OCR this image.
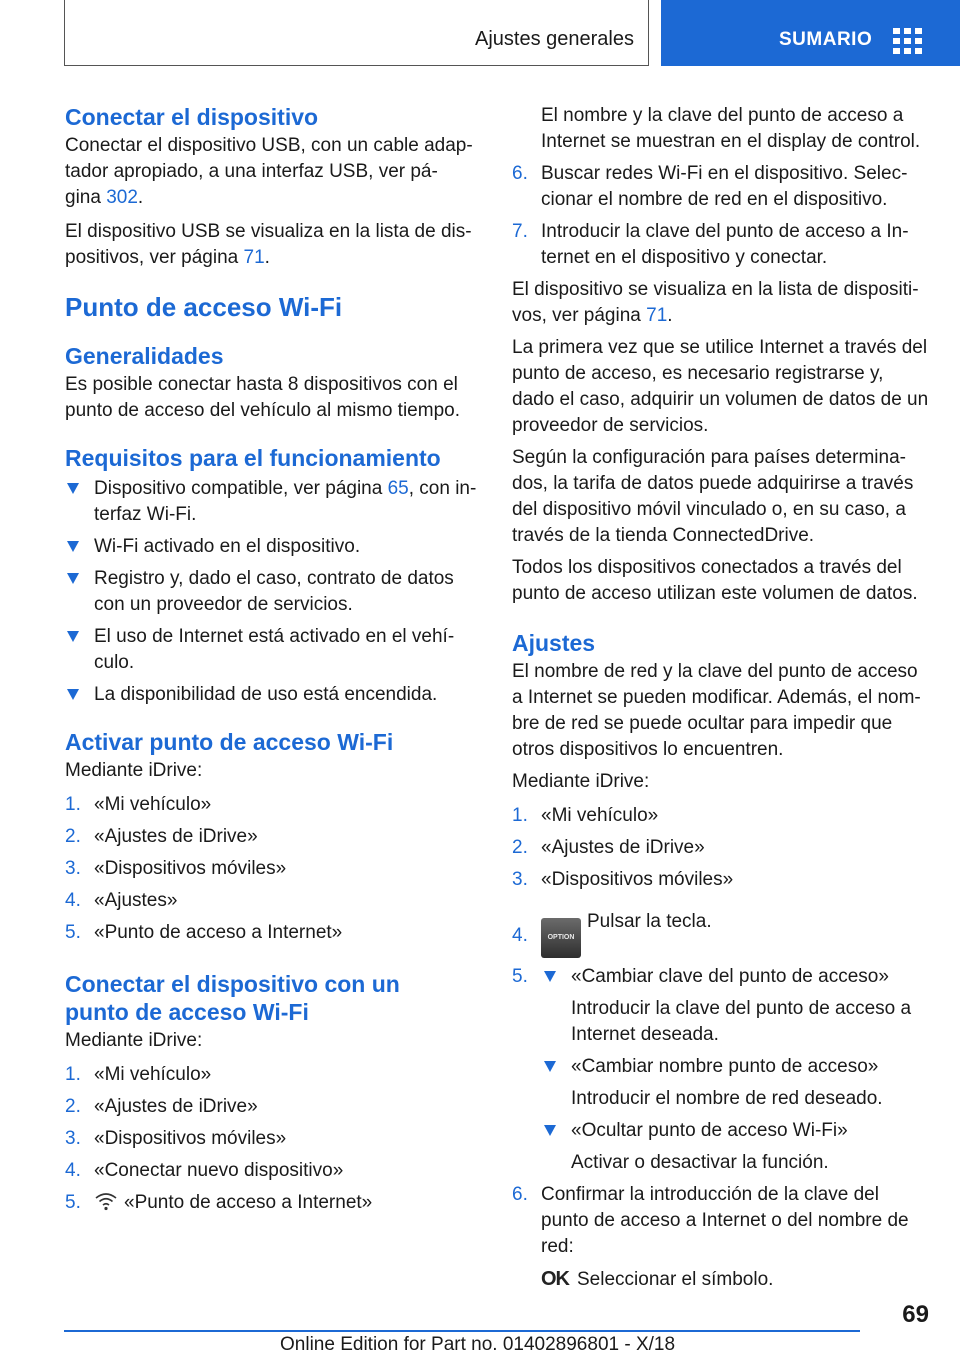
Ajustes generales	SUMARIO
Conectar el dispositivo

Conectar el dispositivo USB, con un cable adap-
tador apropiado, a una interfaz USB, ver pá-
gina 302.

El dispositivo USB se visualiza en la lista de dis-
positivos, ver página 71.

Punto de acceso Wi-Fi
Generalidades

Es posible conectar hasta 8 dispositivos con el
punto de acceso del vehículo al mismo tiempo.

Requisitos para el funcionamiento
Dispositivo compatible, ver página 65, con in-
terfaz Wi-Fi.
Wi-Fi activado en el dispositivo.
Registro y, dado el caso, contrato de datos
con un proveedor de servicios.
El uso de Internet está activado en el vehí-
culo.
La disponibilidad de uso está encendida.
Activar punto de acceso Wi-Fi

Mediante iDrive:

1. «Mi vehículo»
2. «Ajustes de iDrive»
3. «Dispositivos móviles»
4. «Ajustes»
5. «Punto de acceso a Internet»
Conectar el dispositivo con un
punto de acceso Wi-Fi

Mediante iDrive:

1. «Mi vehículo»
2. «Ajustes de iDrive»
3. «Dispositivos móviles»
4. «Conectar nuevo dispositivo»
5. «Punto de acceso a Internet»

El nombre y la clave del punto de acceso a
Internet se muestran en el display de control.

6. Buscar redes Wi-Fi en el dispositivo. Selec-
cionar el nombre de red en el dispositivo.
7. Introducir la clave del punto de acceso a In-
ternet en el dispositivo y conectar.

El dispositivo se visualiza en la lista de dispositi-
vos, ver página 71.

La primera vez que se utilice Internet a través del
punto de acceso, es necesario registrarse y,
dado el caso, adquirir un volumen de datos de un
proveedor de servicios.

Según la configuración para países determina-
dos, la tarifa de datos puede adquirirse a través
del dispositivo móvil vinculado o, en su caso, a
través de la tienda ConnectedDrive.

Todos los dispositivos conectados a través del
punto de acceso utilizan este volumen de datos.

Ajustes

El nombre de red y la clave del punto de acceso
a Internet se pueden modificar. Además, el nom-
bre de red se puede ocultar para impedir que
otros dispositivos lo encuentren.

Mediante iDrive:

1. «Mi vehículo»
2. «Ajustes de iDrive»
3. «Dispositivos móviles»
4.	OPTIONPulsar la tecla.
5.	«Cambiar clave del punto de acceso»
Introducir la clave del punto de acceso a
Internet deseada.
«Cambiar nombre punto de acceso»
Introducir el nombre de red deseado.
«Ocultar punto de acceso Wi-Fi»
Activar o desactivar la función.
6. Confirmar la introducción de la clave del
punto de acceso a Internet o del nombre de
red:
OK Seleccionar el símbolo.
69
Online Edition for Part no. 01402896801 - X/18
